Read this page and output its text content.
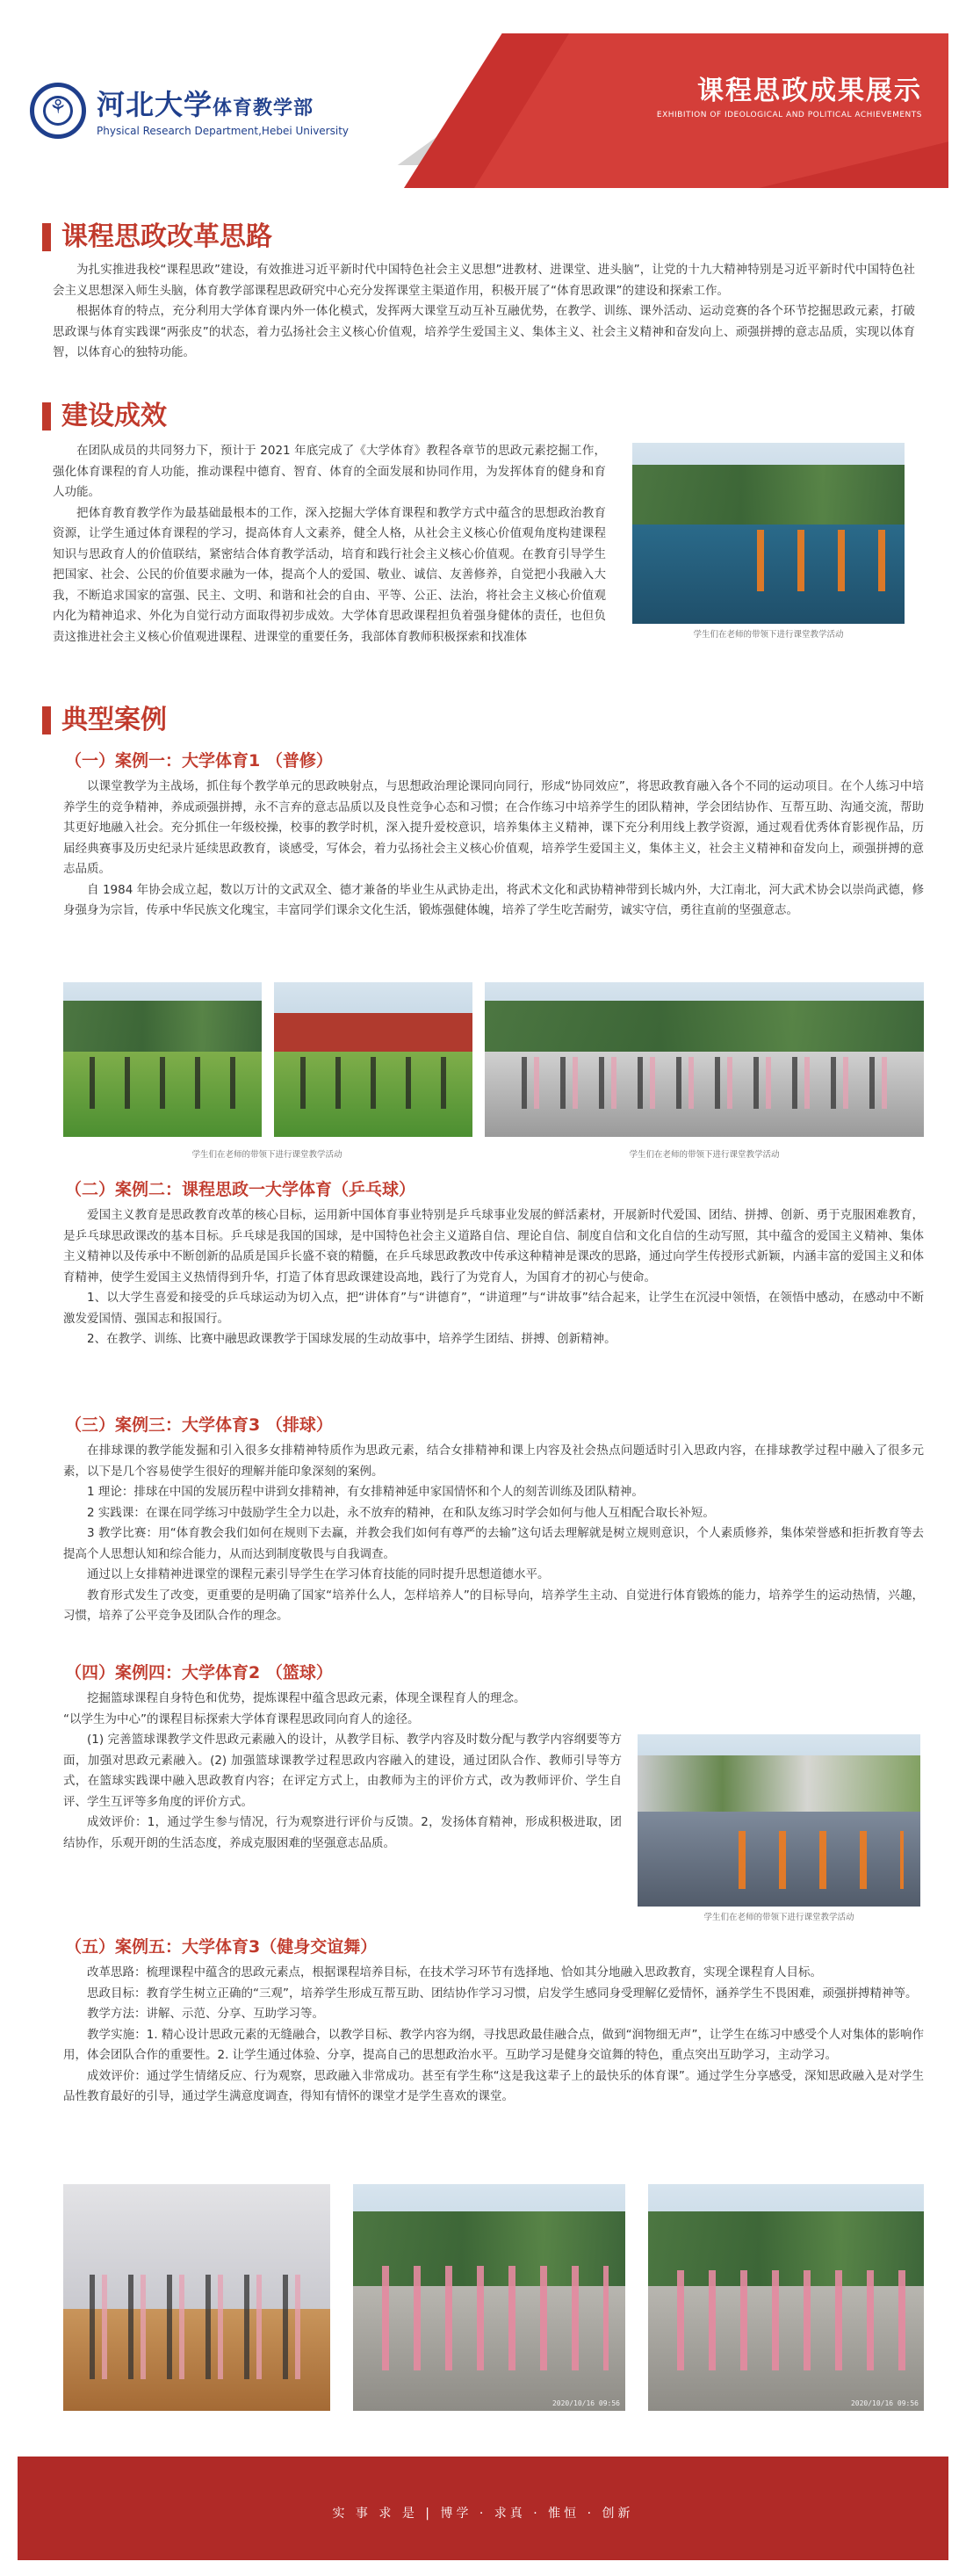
⚘
河北大学体育教学部
Physical Research Department,Hebei University
课程思政成果展示
EXHIBITION OF IDEOLOGICAL AND POLITICAL ACHIEVEMENTS
课程思政改革思路

为扎实推进我校“课程思政”建设，有效推进习近平新时代中国特色社会主义思想”进教材、进课堂、进头脑”，让党的十九大精神特别是习近平新时代中国特色社会主义思想深入师生头脑，体育教学部课程思政研究中心充分发挥课堂主渠道作用，积极开展了“体育思政课”的建设和探索工作。

根据体育的特点，充分利用大学体育课内外一体化模式，发挥两大课堂互动互补互融优势，在教学、训练、课外活动、运动竞赛的各个环节挖掘思政元素，打破思政课与体育实践课“两张皮”的状态，着力弘扬社会主义核心价值观，培养学生爱国主义、集体主义、社会主义精神和奋发向上、顽强拼搏的意志品质，实现以体育智，以体育心的独特功能。

建设成效

在团队成员的共同努力下，预计于 2021 年底完成了《大学体育》教程各章节的思政元素挖掘工作，强化体育课程的育人功能，推动课程中德育、智育、体育的全面发展和协同作用，为发挥体育的健身和育人功能。

把体育教育教学作为最基础最根本的工作，深入挖掘大学体育课程和教学方式中蕴含的思想政治教育资源，让学生通过体育课程的学习，提高体育人文素养，健全人格，从社会主义核心价值观角度构建课程知识与思政育人的价值联结，紧密结合体育教学活动，培育和践行社会主义核心价值观。在教育引导学生把国家、社会、公民的价值要求融为一体，提高个人的爱国、敬业、诚信、友善修养，自觉把小我融入大我，不断追求国家的富强、民主、文明、和谐和社会的自由、平等、公正、法治，将社会主义核心价值观内化为精神追求、外化为自觉行动方面取得初步成效。大学体育思政课程担负着强身健体的责任，也但负责这推进社会主义核心价值观进课程、进课堂的重要任务，我部体育教师积极探索和找准体	学生们在老师的带领下进行课堂教学活动
典型案例
（一）案例一：大学体育1 （普修）

以课堂教学为主战场，抓住每个教学单元的思政映射点，与思想政治理论课同向同行，形成“协同效应”，将思政教育融入各个不同的运动项目。在个人练习中培养学生的竞争精神，养成顽强拼搏，永不言弃的意志品质以及良性竞争心态和习惯；在合作练习中培养学生的团队精神，学会团结协作、互帮互助、沟通交流，帮助其更好地融入社会。充分抓住一年级校操，校事的教学时机，深入提升爱校意识，培养集体主义精神，课下充分利用线上教学资源，通过观看优秀体育影视作品，历届经典赛事及历史纪录片延续思政教育，谈感受，写体会，着力弘扬社会主义核心价值观，培养学生爱国主义，集体主义，社会主义精神和奋发向上，顽强拼搏的意志品质。

自 1984 年协会成立起，数以万计的文武双全、德才兼备的毕业生从武协走出，将武术文化和武协精神带到长城内外，大江南北，河大武术协会以崇尚武德，修身强身为宗旨，传承中华民族文化瑰宝，丰富同学们课余文化生活，锻炼强健体魄，培养了学生吃苦耐劳，诚实守信，勇往直前的坚强意志。

学生们在老师的带领下进行课堂教学活动	学生们在老师的带领下进行课堂教学活动
（二）案例二：课程思政一大学体育（乒乓球）

爱国主义教育是思政教育改革的核心目标，运用新中国体育事业特别是乒乓球事业发展的鲜活素材，开展新时代爱国、团结、拼搏、创新、勇于克服困难教育，是乒乓球思政课改的基本目标。乒乓球是我国的国球，是中国特色社会主义道路自信、理论自信、制度自信和文化自信的生动写照，其中蕴含的爱国主义精神、集体主义精神以及传承中不断创新的品质是国乒长盛不衰的精髓，在乒乓球思政教改中传承这种精神是课改的思路，通过向学生传授形式新颖，内涵丰富的爱国主义和体育精神，使学生爱国主义热情得到升华，打造了体育思政课建设高地，践行了为党育人，为国育才的初心与使命。

1、以大学生喜爱和接受的乒乓球运动为切入点，把“讲体育”与“讲德育”，“讲道理”与“讲故事”结合起来，让学生在沉浸中领悟，在领悟中感动，在感动中不断激发爱国情、强国志和报国行。

2、在教学、训练、比赛中融思政课教学于国球发展的生动故事中，培养学生团结、拼搏、创新精神。

（三）案例三：大学体育3 （排球）

在排球课的教学能发掘和引入很多女排精神特质作为思政元素，结合女排精神和课上内容及社会热点问题适时引入思政内容，在排球教学过程中融入了很多元素，以下是几个容易使学生很好的理解并能印象深刻的案例。

1 理论：排球在中国的发展历程中讲到女排精神，有女排精神延申家国情怀和个人的刻苦训练及团队精神。

2 实践课：在课在同学练习中鼓励学生全力以赴，永不放弃的精神，在和队友练习时学会如何与他人互相配合取长补短。

3 教学比赛：用“体育教会我们如何在规则下去赢，并教会我们如何有尊严的去输”这句话去理解就是树立规则意识，个人素质修养，集体荣誉感和拒折教育等去提高个人思想认知和综合能力，从而达到制度敬畏与自我调查。

通过以上女排精神进课堂的课程元素引导学生在学习体育技能的同时提升思想道德水平。

教育形式发生了改变，更重要的是明确了国家“培养什么人，怎样培养人”的目标导向，培养学生主动、自觉进行体育锻炼的能力，培养学生的运动热情，兴趣，习惯，培养了公平竞争及团队合作的理念。

（四）案例四：大学体育2 （篮球）

挖掘篮球课程自身特色和优势，提炼课程中蕴含思政元素，体现全课程育人的理念。

“以学生为中心”的课程目标探索大学体育课程思政同向育人的途径。

(1) 完善篮球课教学文件思政元素融入的设计，从教学目标、教学内容及时数分配与教学内容纲要等方面，加强对思政元素融入。(2) 加强篮球课教学过程思政内容融入的建设，通过团队合作、教师引导等方式，在篮球实践课中融入思政教育内容；在评定方式上，由教师为主的评价方式，改为教师评价、学生自评、学生互评等多角度的评价方式。

成效评价：1，通过学生参与情况，行为观察进行评价与反馈。2，发扬体育精神，形成积极进取，团结协作，乐观开朗的生活态度，养成克服困难的坚强意志品质。

学生们在老师的带领下进行课堂教学活动
（五）案例五：大学体育3（健身交谊舞）

改革思路：梳理课程中蕴含的思政元素点，根据课程培养目标，在技术学习环节有选择地、恰如其分地融入思政教育，实现全课程育人目标。

思政目标：教育学生树立正确的“三观”，培养学生形成互帮互助、团结协作学习习惯，启发学生感同身受理解亿爱情怀，涵养学生不畏困难，顽强拼搏精神等。

教学方法：讲解、示范、分享、互助学习等。

教学实施：1. 精心设计思政元素的无缝融合，以教学目标、教学内容为纲，寻找思政最佳融合点，做到“润物细无声”，让学生在练习中感受个人对集体的影响作用，体会团队合作的重要性。2. 让学生通过体验、分享，提高自己的思想政治水平。互助学习是健身交谊舞的特色，重点突出互助学习，主动学习。

成效评价：通过学生情绪反应、行为观察，思政融入非常成功。甚至有学生称“这是我这辈子上的最快乐的体育课”。通过学生分享感受，深知思政融入是对学生品性教育最好的引导，通过学生满意度调查，得知有情怀的课堂才是学生喜欢的课堂。

2020/10/16 09:56	2020/10/16 09:56
实 事 求 是 | 博学 · 求真 · 惟恒 · 创新
